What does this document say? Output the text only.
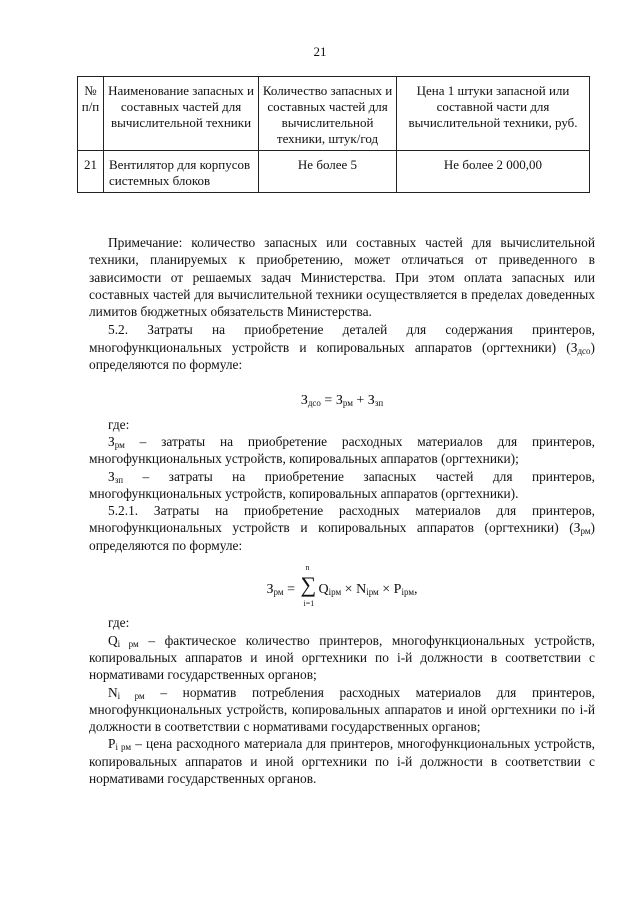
21
№ п/п	Наименование запасных и составных частей для вычислительной техники	Количество запасных и составных частей для вычислительной техники, штук/год	Цена 1 штуки запасной или составной части для вычислительной техники, руб.
21	Вентилятор для корпусов системных блоков	Не более 5	Не более 2 000,00

Примечание: количество запасных или составных частей для вычислительной техники, планируемых к приобретению, может отличаться от приведенного в зависимости от решаемых задач Министерства. При этом оплата запасных или составных частей для вычислительной техники осуществляется в пределах доведенных лимитов бюджетных обязательств Министерства.

5.2. Затраты на приобретение деталей для содержания принтеров, многофункциональных устройств и копировальных аппаратов (оргтехники) $(З_{дсо})$ определяются по формуле:

$З_{дсо} = З_{рм} + З_{зп}$

где:

$З_{рм}$ – затраты на приобретение расходных материалов для принтеров, многофункциональных устройств, копировальных аппаратов (оргтехники);

$З_{зп}$ – затраты на приобретение запасных частей для принтеров, многофункциональных устройств, копировальных аппаратов (оргтехники).

5.2.1. Затраты на приобретение расходных материалов для принтеров, многофункциональных устройств и копировальных аппаратов (оргтехники) $(З_{рм})$ определяются по формуле:

$З_{рм}$ =
n
∑
i=1
$Q_{iрм} \times N_{iрм} \times P_{iрм}$,

где:

$Q_{i рм}$ – фактическое количество принтеров, многофункциональных устройств, копировальных аппаратов и иной оргтехники по i-й должности в соответствии с нормативами государственных органов;

$N_{i рм}$ – норматив потребления расходных материалов для принтеров, многофункциональных устройств, копировальных аппаратов и иной оргтехники по i-й должности в соответствии с нормативами государственных органов;

$P_{i рм}$ – цена расходного материала для принтеров, многофункциональных устройств, копировальных аппаратов и иной оргтехники по i-й должности в соответствии с нормативами государственных органов.
